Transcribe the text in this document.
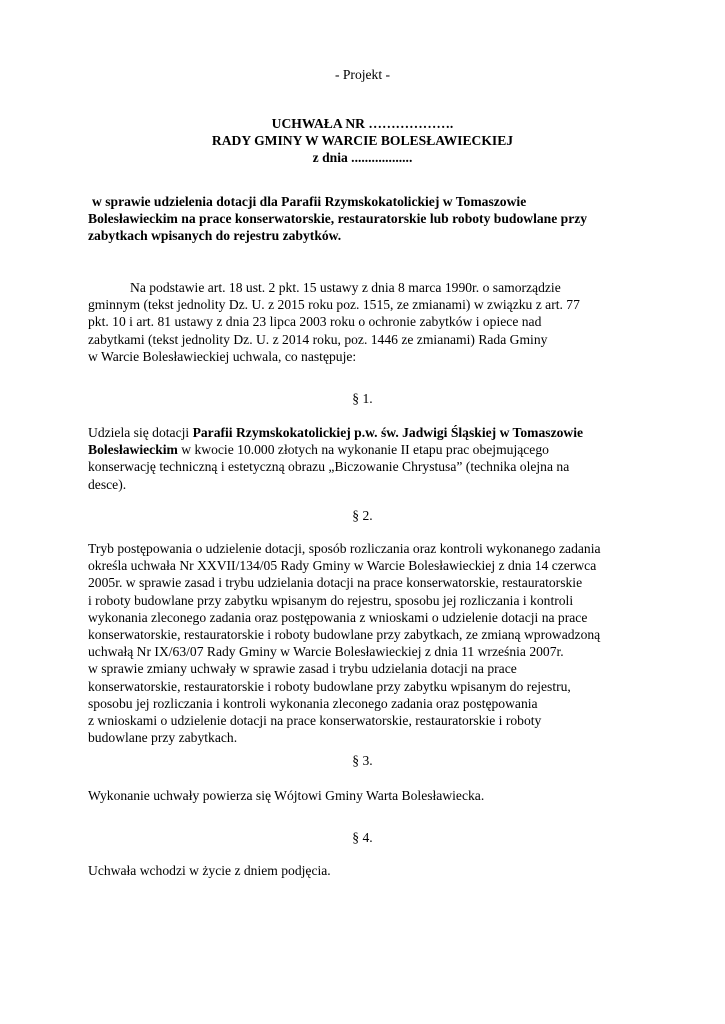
- Projekt -

UCHWAŁA NR ……………….

RADY GMINY W WARCIE BOLESŁAWIECKIEJ

z dnia ..................

w sprawie udzielenia dotacji dla Parafii Rzymskokatolickiej w Tomaszowie
Bolesławieckim na prace konserwatorskie, restauratorskie lub roboty budowlane przy
zabytkach wpisanych do rejestru zabytków.
Na podstawie art. 18 ust. 2 pkt. 15 ustawy z dnia 8 marca 1990r. o samorządzie
gminnym (tekst jednolity Dz. U. z 2015 roku poz. 1515, ze zmianami) w związku z art. 77
pkt. 10 i art. 81 ustawy z dnia 23 lipca 2003 roku o ochronie zabytków i opiece nad
zabytkami (tekst jednolity Dz. U. z 2014 roku, poz. 1446 ze zmianami) Rada Gminy
w Warcie Bolesławieckiej uchwala, co następuje:

§ 1.

Udziela się dotacji Parafii Rzymskokatolickiej p.w. św. Jadwigi Śląskiej w Tomaszowie
Bolesławieckim w kwocie 10.000 złotych na wykonanie II etapu prac obejmującego
konserwację techniczną i estetyczną obrazu „Biczowanie Chrystusa” (technika olejna na
desce).

§ 2.

Tryb postępowania o udzielenie dotacji, sposób rozliczania oraz kontroli wykonanego zadania
określa uchwała Nr XXVII/134/05 Rady Gminy w Warcie Bolesławieckiej z dnia 14 czerwca
2005r. w sprawie zasad i trybu udzielania dotacji na prace konserwatorskie, restauratorskie
i roboty budowlane przy zabytku wpisanym do rejestru, sposobu jej rozliczania i kontroli
wykonania zleconego zadania oraz postępowania z wnioskami o udzielenie dotacji na prace
konserwatorskie, restauratorskie i roboty budowlane przy zabytkach, ze zmianą wprowadzoną
uchwałą Nr IX/63/07 Rady Gminy w Warcie Bolesławieckiej z dnia 11 września 2007r.
w sprawie zmiany uchwały w sprawie zasad i trybu udzielania dotacji na prace
konserwatorskie, restauratorskie i roboty budowlane przy zabytku wpisanym do rejestru,
sposobu jej rozliczania i kontroli wykonania zleconego zadania oraz postępowania
z wnioskami o udzielenie dotacji na prace konserwatorskie, restauratorskie i roboty
budowlane przy zabytkach.

§ 3.

Wykonanie uchwały powierza się Wójtowi Gminy Warta Bolesławiecka.

§ 4.

Uchwała wchodzi w życie z dniem podjęcia.
